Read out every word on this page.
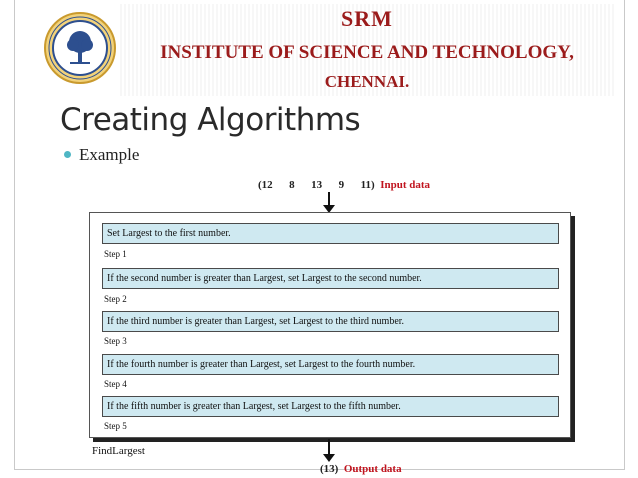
SRM
INSTITUTE OF SCIENCE AND TECHNOLOGY,
CHENNAI.
Creating Algorithms
Example
(12      8      13      9      11) Input data
Set Largest to the first number.
Step 1
If the second number is greater than Largest, set Largest to the second number.
Step 2
If the third number is greater than Largest, set Largest to the third number.
Step 3
If the fourth number is greater than Largest, set Largest to the fourth number.
Step 4
If the fifth number is greater than Largest, set Largest to the fifth number.
Step 5
FindLargest
(13) Output data
